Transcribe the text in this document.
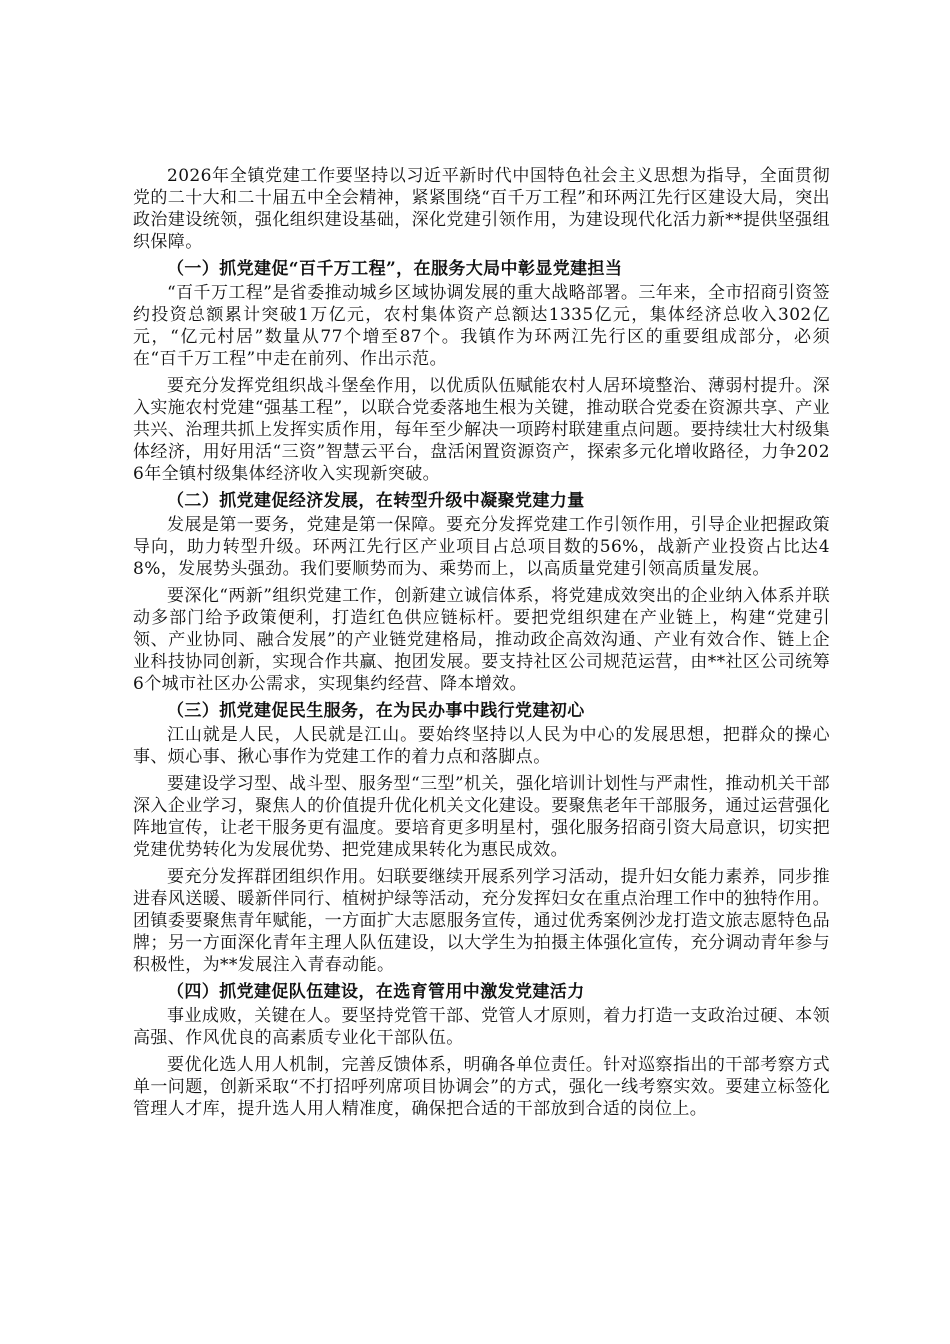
2026年全镇党建工作要坚持以习近平新时代中国特色社会主义思想为指导，全面贯彻党的二十大和二十届五中全会精神，紧紧围绕“百千万工程”和环两江先行区建设大局，突出政治建设统领，强化组织建设基础，深化党建引领作用，为建设现代化活力新**提供坚强组织保障。

（一）抓党建促“百千万工程”，在服务大局中彰显党建担当

“百千万工程”是省委推动城乡区域协调发展的重大战略部署。三年来，全市招商引资签约投资总额累计突破1万亿元，农村集体资产总额达1335亿元，集体经济总收入302亿元，“亿元村居”数量从77个增至87个。我镇作为环两江先行区的重要组成部分，必须在“百千万工程”中走在前列、作出示范。

要充分发挥党组织战斗堡垒作用，以优质队伍赋能农村人居环境整治、薄弱村提升。深入实施农村党建“强基工程”，以联合党委落地生根为关键，推动联合党委在资源共享、产业共兴、治理共抓上发挥实质作用，每年至少解决一项跨村联建重点问题。要持续壮大村级集体经济，用好用活“三资”智慧云平台，盘活闲置资源资产，探索多元化增收路径，力争2026年全镇村级集体经济收入实现新突破。

（二）抓党建促经济发展，在转型升级中凝聚党建力量

发展是第一要务，党建是第一保障。要充分发挥党建工作引领作用，引导企业把握政策导向，助力转型升级。环两江先行区产业项目占总项目数的56%，战新产业投资占比达48%，发展势头强劲。我们要顺势而为、乘势而上，以高质量党建引领高质量发展。

要深化“两新”组织党建工作，创新建立诚信体系，将党建成效突出的企业纳入体系并联动多部门给予政策便利，打造红色供应链标杆。要把党组织建在产业链上，构建“党建引领、产业协同、融合发展”的产业链党建格局，推动政企高效沟通、产业有效合作、链上企业科技协同创新，实现合作共赢、抱团发展。要支持社区公司规范运营，由**社区公司统筹6个城市社区办公需求，实现集约经营、降本增效。

（三）抓党建促民生服务，在为民办事中践行党建初心

江山就是人民，人民就是江山。要始终坚持以人民为中心的发展思想，把群众的操心事、烦心事、揪心事作为党建工作的着力点和落脚点。

要建设学习型、战斗型、服务型“三型”机关，强化培训计划性与严肃性，推动机关干部深入企业学习，聚焦人的价值提升优化机关文化建设。要聚焦老年干部服务，通过运营强化阵地宣传，让老干服务更有温度。要培育更多明星村，强化服务招商引资大局意识，切实把党建优势转化为发展优势、把党建成果转化为惠民成效。

要充分发挥群团组织作用。妇联要继续开展系列学习活动，提升妇女能力素养，同步推进春风送暖、暖新伴同行、植树护绿等活动，充分发挥妇女在重点治理工作中的独特作用。团镇委要聚焦青年赋能，一方面扩大志愿服务宣传，通过优秀案例沙龙打造文旅志愿特色品牌；另一方面深化青年主理人队伍建设，以大学生为拍摄主体强化宣传，充分调动青年参与积极性，为**发展注入青春动能。

（四）抓党建促队伍建设，在选育管用中激发党建活力

事业成败，关键在人。要坚持党管干部、党管人才原则，着力打造一支政治过硬、本领高强、作风优良的高素质专业化干部队伍。

要优化选人用人机制，完善反馈体系，明确各单位责任。针对巡察指出的干部考察方式单一问题，创新采取“不打招呼列席项目协调会”的方式，强化一线考察实效。要建立标签化管理人才库，提升选人用人精准度，确保把合适的干部放到合适的岗位上。
